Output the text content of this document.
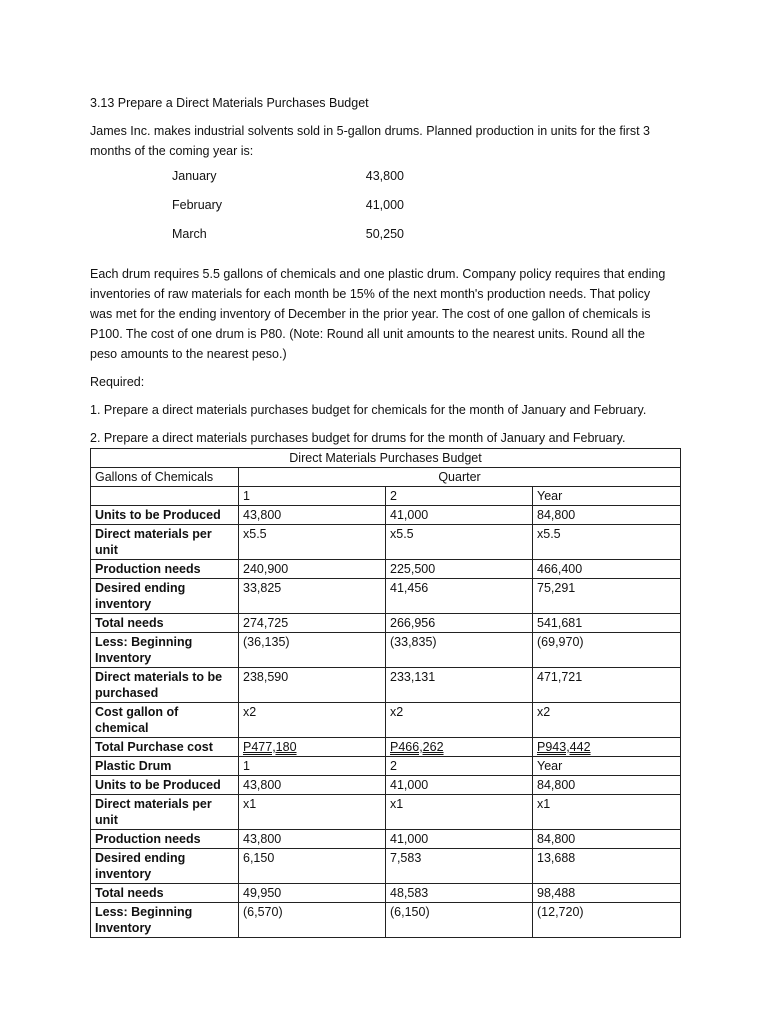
3.13 Prepare a Direct Materials Purchases Budget

James Inc. makes industrial solvents sold in 5-gallon drums. Planned production in units for the first 3

months of the coming year is:

January	43,800
February	41,000
March	50,250

Each drum requires 5.5 gallons of chemicals and one plastic drum. Company policy requires that ending

inventories of raw materials for each month be 15% of the next month's production needs. That policy

was met for the ending inventory of December in the prior year. The cost of one gallon of chemicals is

P100. The cost of one drum is P80. (Note: Round all unit amounts to the nearest units. Round all the

peso amounts to the nearest peso.)

Required:

1. Prepare a direct materials purchases budget for chemicals for the month of January and February.

2. Prepare a direct materials purchases budget for drums for the month of January and February.

Direct Materials Purchases Budget			
Gallons of Chemicals	Quarter		
	1	2	Year
Units to be Produced	43,800	41,000	84,800
Direct materials per unit	x5.5	x5.5	x5.5
Production needs	240,900	225,500	466,400
Desired ending inventory	33,825	41,456	75,291
Total needs	274,725	266,956	541,681
Less: Beginning Inventory	(36,135)	(33,835)	(69,970)
Direct materials to be purchased	238,590	233,131	471,721
Cost gallon of chemical	x2	x2	x2
Total Purchase cost	P477,180	P466,262	P943,442
Plastic Drum	1	2	Year
Units to be Produced	43,800	41,000	84,800
Direct materials per unit	x1	x1	x1
Production needs	43,800	41,000	84,800
Desired ending inventory	6,150	7,583	13,688
Total needs	49,950	48,583	98,488
Less: Beginning Inventory	(6,570)	(6,150)	(12,720)
